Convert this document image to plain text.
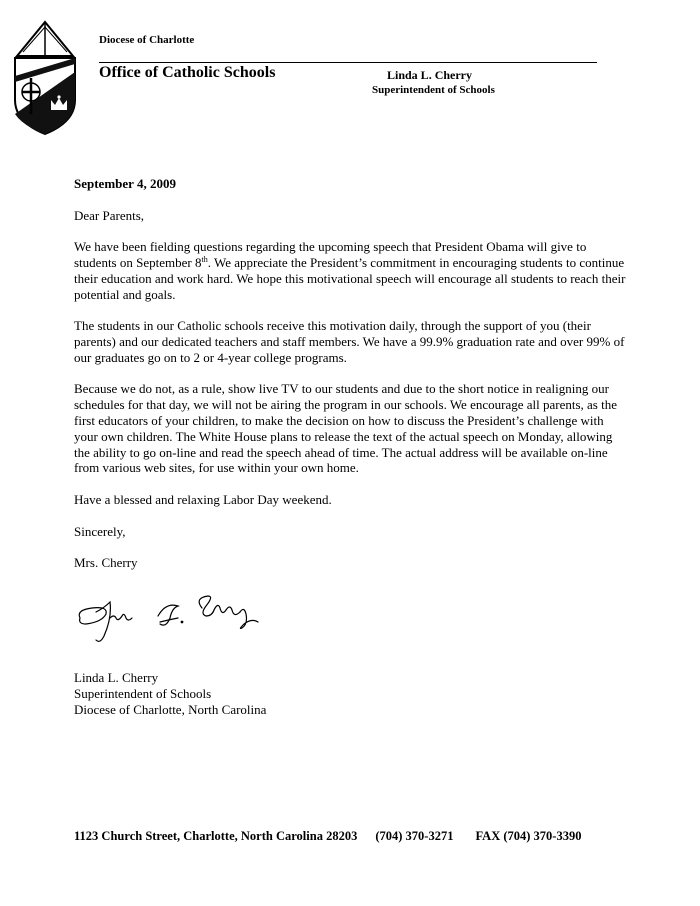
Diocese of Charlotte
Office of Catholic Schools	Linda L. Cherry
Superintendent of Schools

September 4, 2009

Dear Parents,

We have been fielding questions regarding the upcoming speech that President Obama will give to students on September 8th. We appreciate the President’s commitment in encouraging students to continue their education and work hard. We hope this motivational speech will encourage all students to reach their potential and goals.

The students in our Catholic schools receive this motivation daily, through the support of you (their parents) and our dedicated teachers and staff members. We have a 99.9% graduation rate and over 99% of our graduates go on to 2 or 4-year college programs.

Because we do not, as a rule, show live TV to our students and due to the short notice in realigning our schedules for that day, we will not be airing the program in our schools. We encourage all parents, as the first educators of your children, to make the decision on how to discuss the President’s challenge with your own children. The White House plans to release the text of the actual speech on Monday, allowing the ability to go on-line and read the speech ahead of time. The actual address will be available on-line from various web sites, for use within your own home.

Have a blessed and relaxing Labor Day weekend.

Sincerely,

Mrs. Cherry

Linda L. Cherry
Superintendent of Schools
Diocese of Charlotte, North Carolina
1123 Church Street, Charlotte, North Carolina 28203 (704) 370-3271 FAX (704) 370-3390
